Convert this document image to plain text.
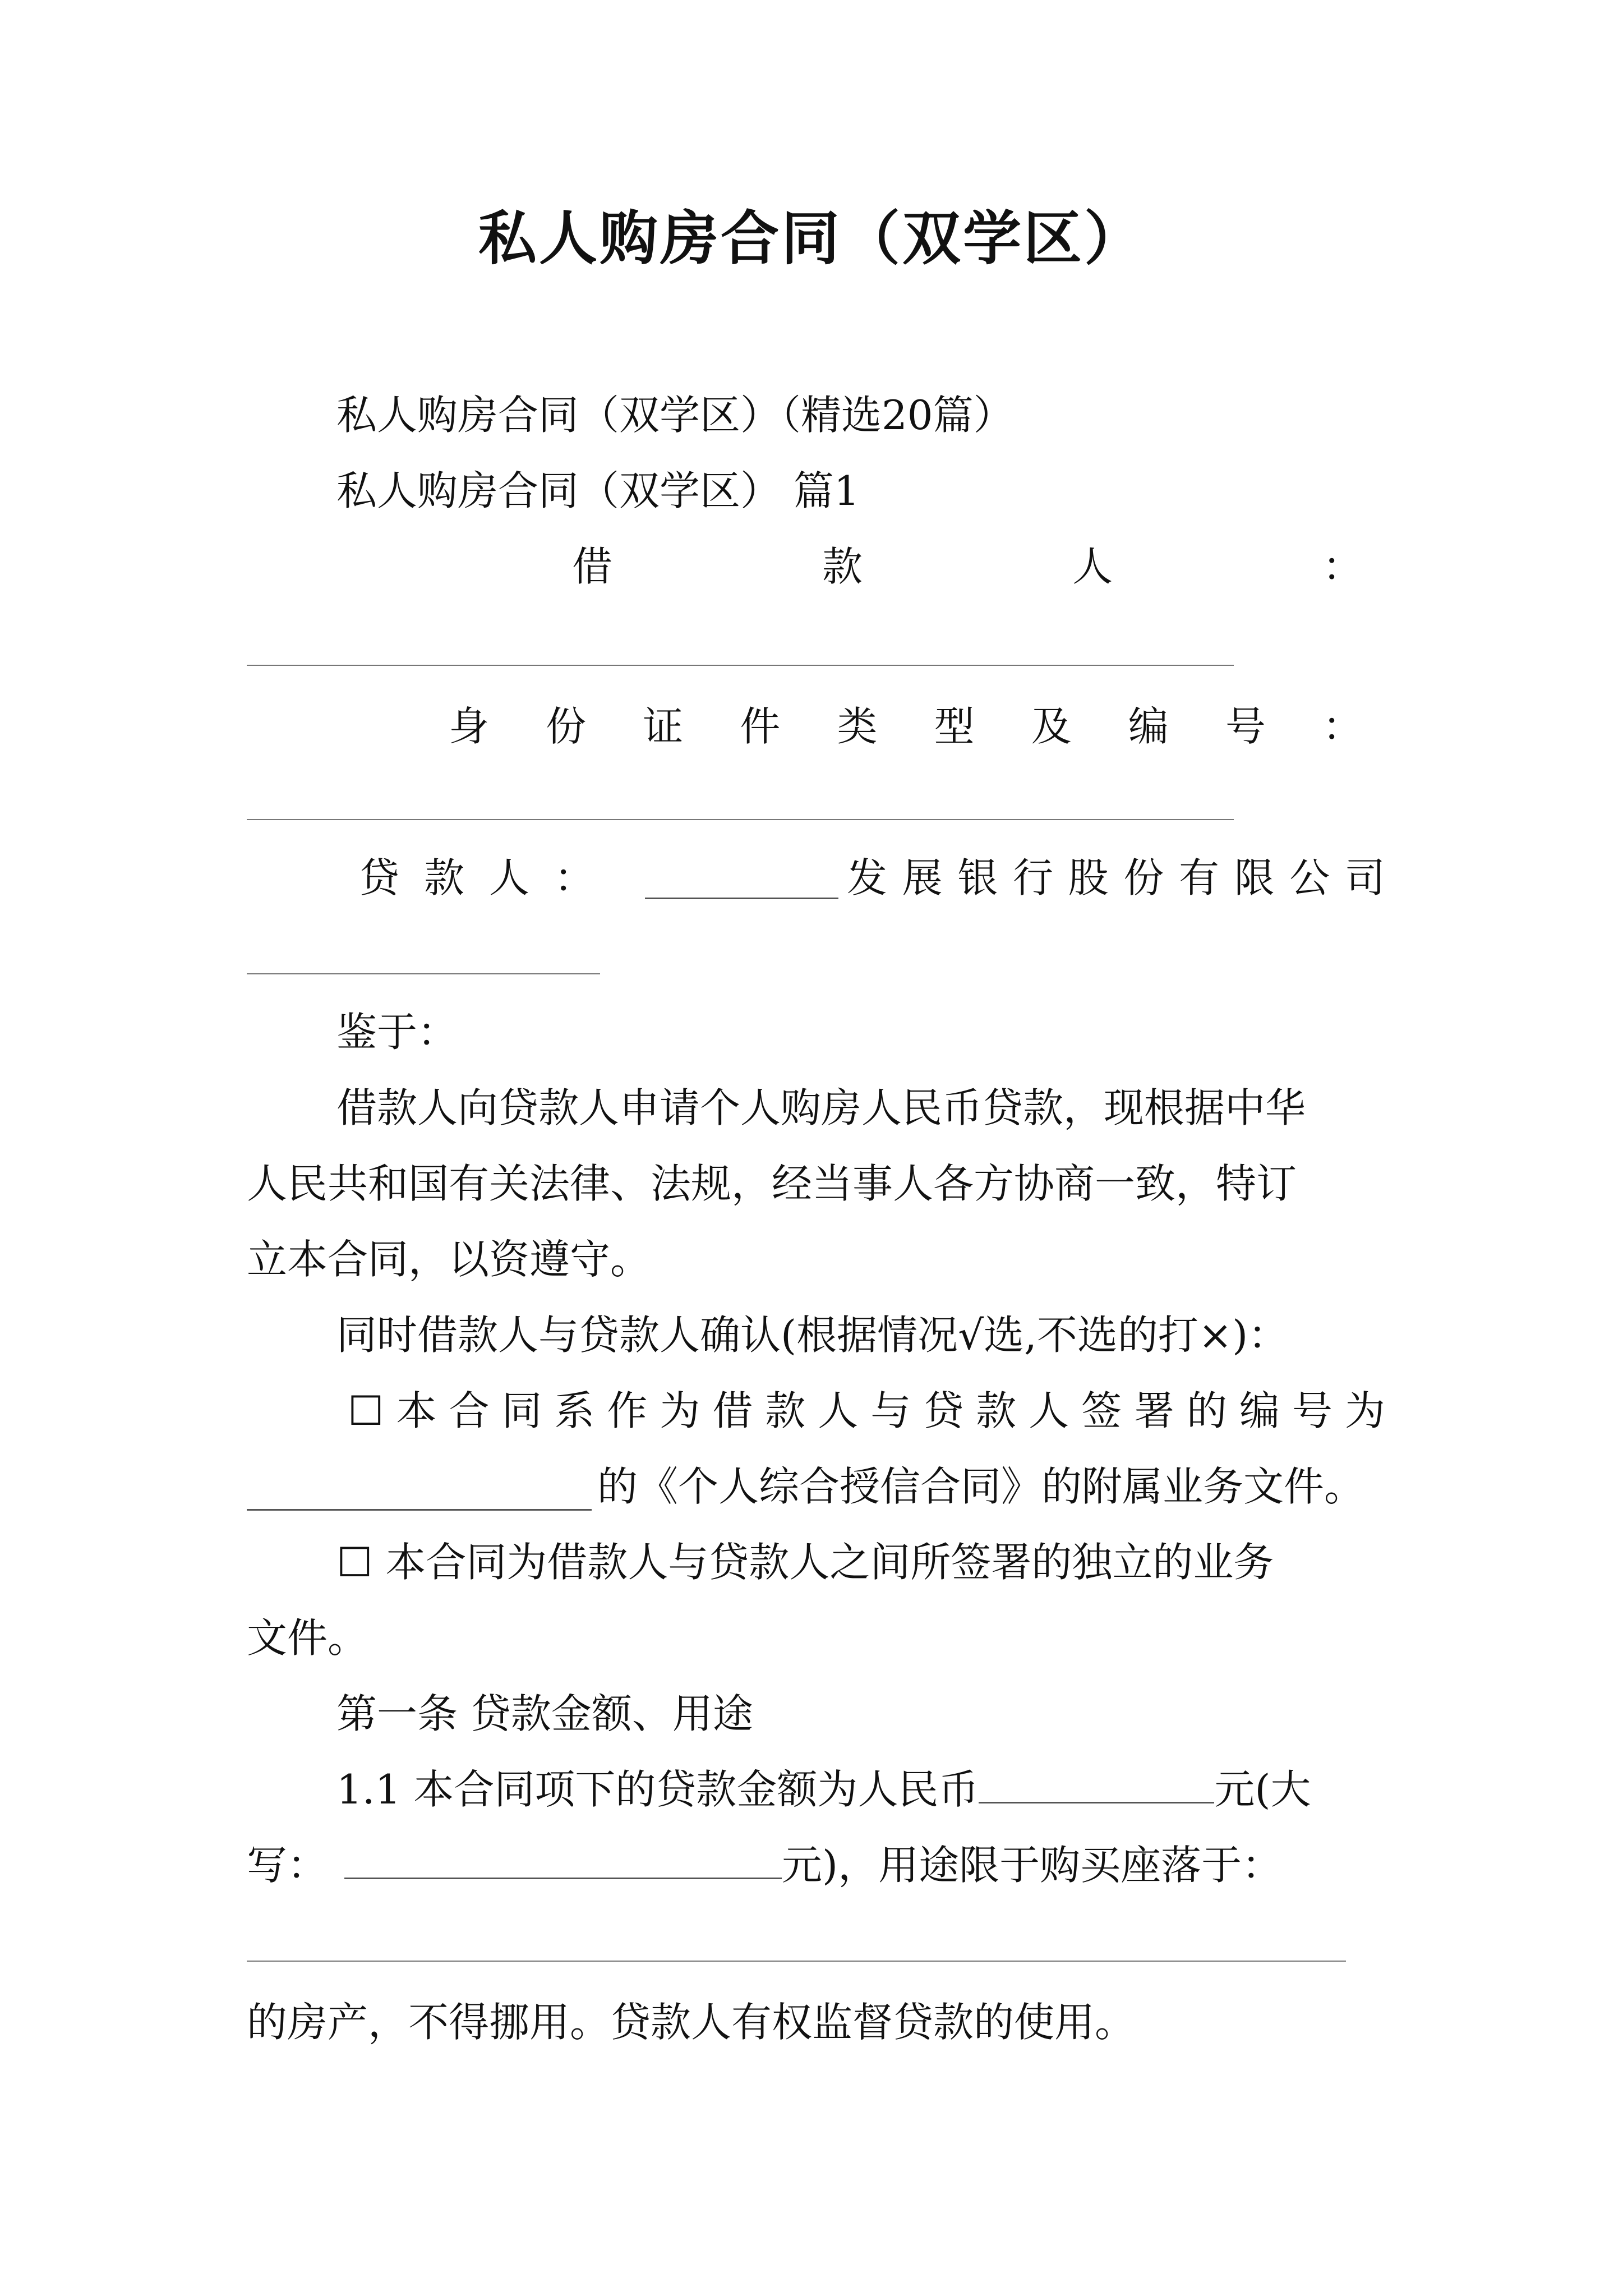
私人购房合同（双学区）
私人购房合同（双学区）（精选20篇）
私人购房合同（双学区） 篇1
借	款	人	：
身 份 证 件 类 型 及 编 号 ：
贷 款 人 ：	发 展 银 行 股 份 有 限 公 司
鉴于：
借款人向贷款人申请个人购房人民币贷款，现根据中华
人民共和国有关法律、法规，经当事人各方协商一致，特订
立本合同，以资遵守。
同时借款人与贷款人确认(根据情况√选,不选的打×)：
☐ 本 合 同 系 作 为 借 款 人 与 贷 款 人 签 署 的 编 号 为
的《个人综合授信合同》的附属业务文件。
☐ 本合同为借款人与贷款人之间所签署的独立的业务
文件。
第一条 贷款金额、用途
1.1 本合同项下的贷款金额为人民币	元(大
写：	元)，用途限于购买座落于：
的房产，不得挪用。贷款人有权监督贷款的使用。
